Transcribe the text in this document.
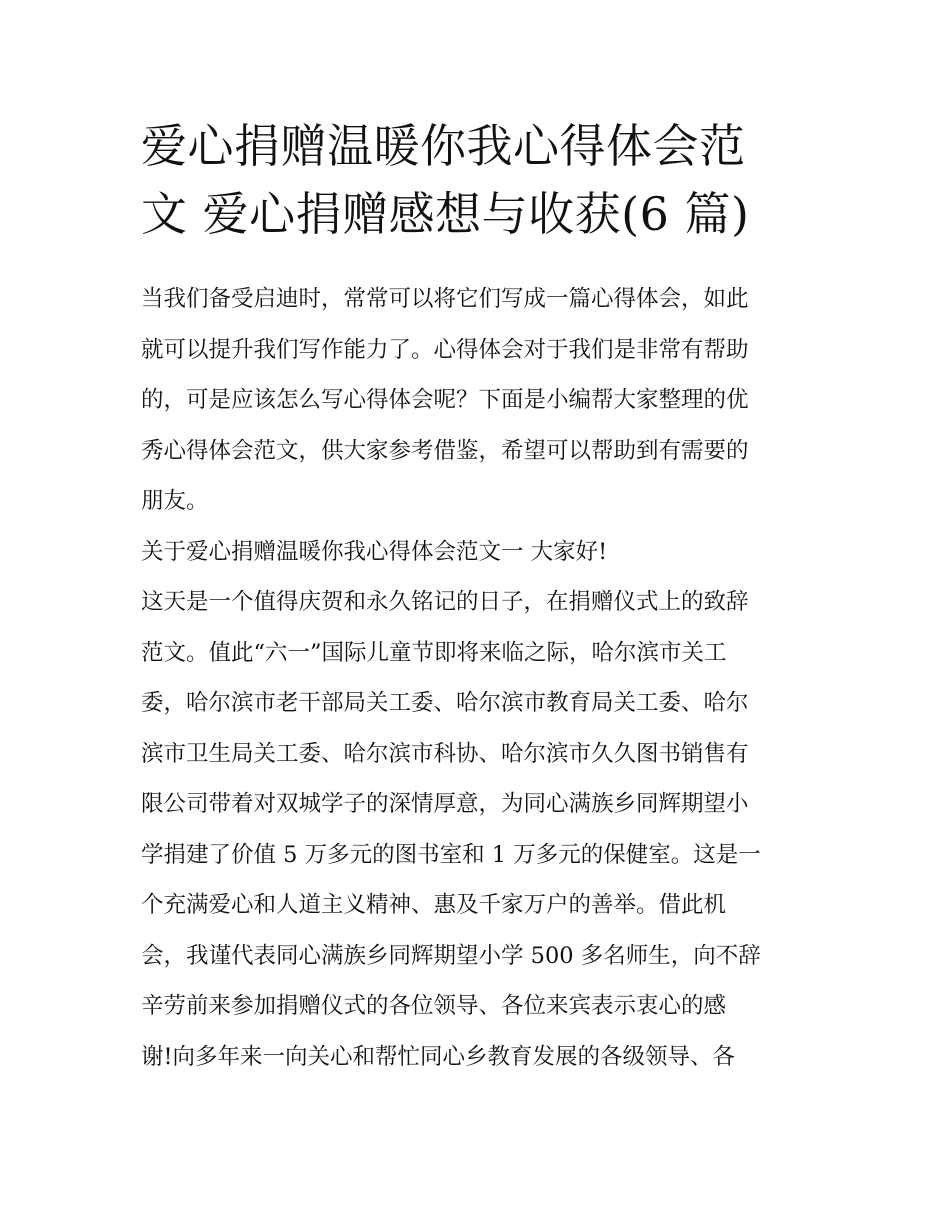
爱心捐赠温暖你我心得体会范
文 爱心捐赠感想与收获(6 篇)

当我们备受启迪时，常常可以将它们写成一篇心得体会，如此
就可以提升我们写作能力了。心得体会对于我们是非常有帮助
的，可是应该怎么写心得体会呢？下面是小编帮大家整理的优
秀心得体会范文，供大家参考借鉴，希望可以帮助到有需要的
朋友。

关于爱心捐赠温暖你我心得体会范文一 大家好!

这天是一个值得庆贺和永久铭记的日子，在捐赠仪式上的致辞
范文。值此“六一”国际儿童节即将来临之际，哈尔滨市关工
委，哈尔滨市老干部局关工委、哈尔滨市教育局关工委、哈尔
滨市卫生局关工委、哈尔滨市科协、哈尔滨市久久图书销售有
限公司带着对双城学子的深情厚意，为同心满族乡同辉期望小
学捐建了价值 5 万多元的图书室和 1 万多元的保健室。这是一
个充满爱心和人道主义精神、惠及千家万户的善举。借此机
会，我谨代表同心满族乡同辉期望小学 500 多名师生，向不辞
辛劳前来参加捐赠仪式的各位领导、各位来宾表示衷心的感
谢!向多年来一向关心和帮忙同心乡教育发展的各级领导、各
